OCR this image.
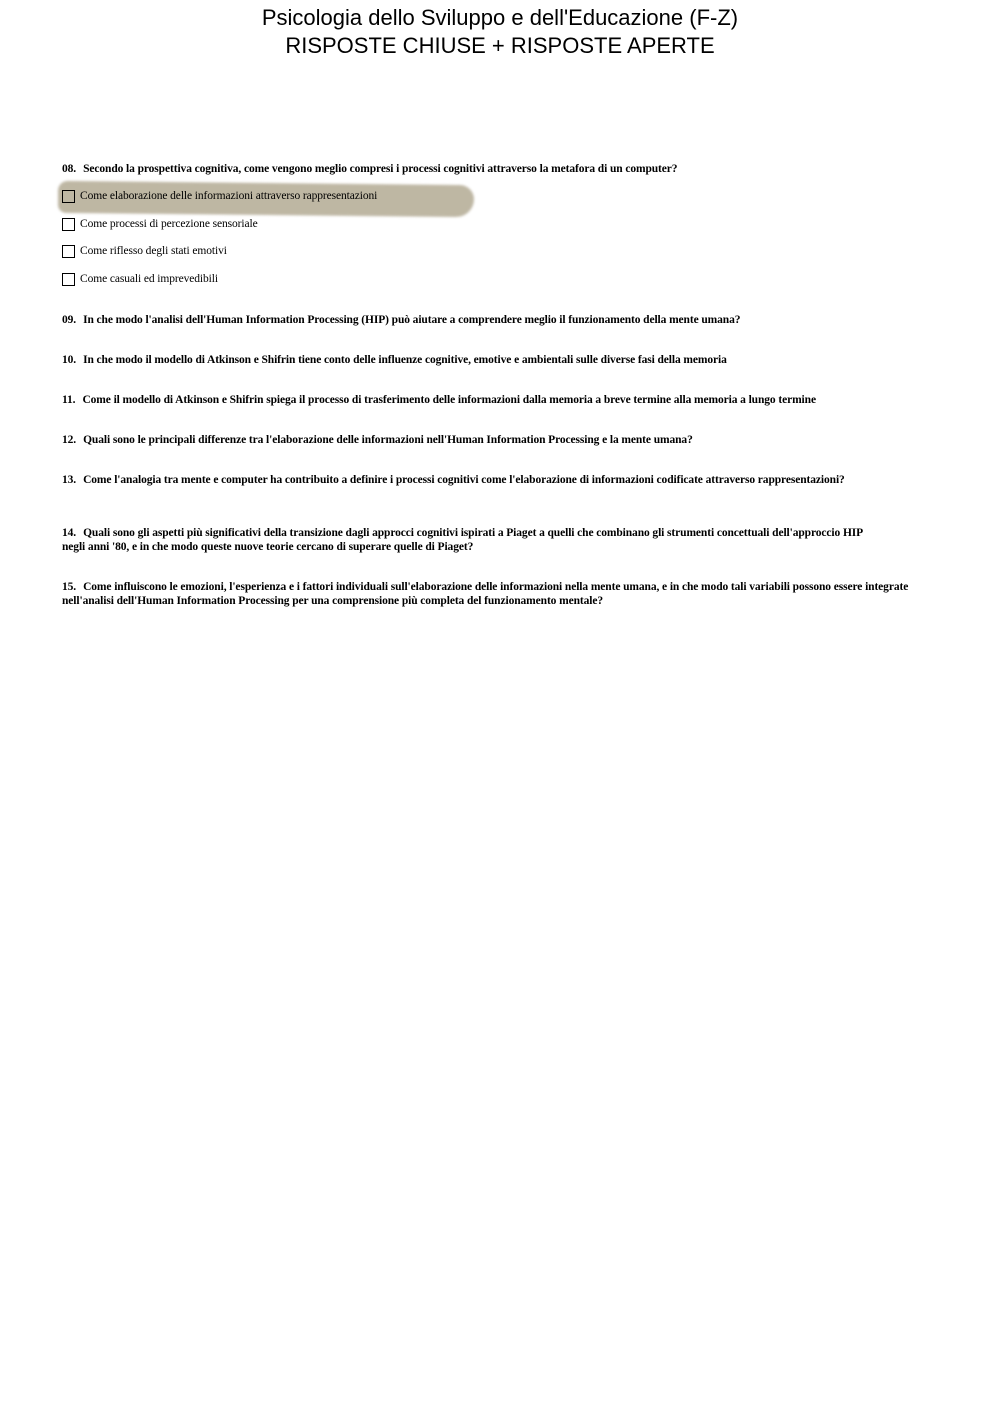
Psicologia dello Sviluppo e dell'Educazione (F-Z)
RISPOSTE CHIUSE + RISPOSTE APERTE
08. Secondo la prospettiva cognitiva, come vengono meglio compresi i processi cognitivi attraverso la metafora di un computer?
Come elaborazione delle informazioni attraverso rappresentazioni
Come processi di percezione sensoriale
Come riflesso degli stati emotivi
Come casuali ed imprevedibili
09. In che modo l'analisi dell'Human Information Processing (HIP) può aiutare a comprendere meglio il funzionamento della mente umana?
10. In che modo il modello di Atkinson e Shifrin tiene conto delle influenze cognitive, emotive e ambientali sulle diverse fasi della memoria
11. Come il modello di Atkinson e Shifrin spiega il processo di trasferimento delle informazioni dalla memoria a breve termine alla memoria a lungo termine
12. Quali sono le principali differenze tra l'elaborazione delle informazioni nell'Human Information Processing e la mente umana?
13. Come l'analogia tra mente e computer ha contribuito a definire i processi cognitivi come l'elaborazione di informazioni codificate attraverso rappresentazioni?
14. Quali sono gli aspetti più significativi della transizione dagli approcci cognitivi ispirati a Piaget a quelli che combinano gli strumenti concettuali dell'approccio HIP negli anni '80, e in che modo queste nuove teorie cercano di superare quelle di Piaget?
15. Come influiscono le emozioni, l'esperienza e i fattori individuali sull'elaborazione delle informazioni nella mente umana, e in che modo tali variabili possono essere integrate nell'analisi dell'Human Information Processing per una comprensione più completa del funzionamento mentale?
